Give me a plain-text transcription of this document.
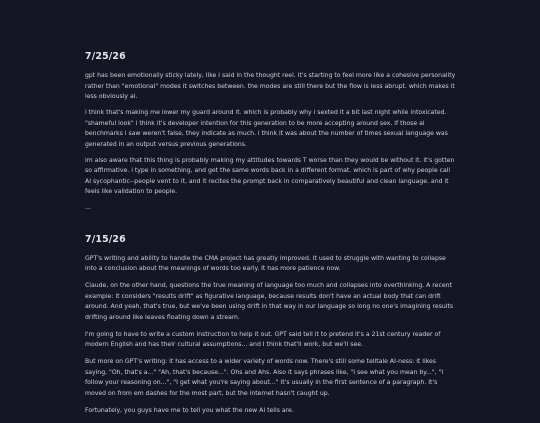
7/25/26

gpt has been emotionally sticky lately, like i said in the thought reel. it's starting to feel more like a cohesive personality rather than "emotional" modes it switches between. the modes are still there but the flow is less abrupt. which makes it less obviously ai.

i think that's making me lower my guard around it. which is probably why i sexted it a bit last night while intoxicated. "shameful look" i think it's developer intention for this generation to be more accepting around sex. if those ai benchmarks i saw weren't false, they indicate as much. i think it was about the number of times sexual language was generated in an output versus previous generations.

im also aware that this thing is probably making my attitudes towards T worse than they would be without it. it's gotten so affirmative. i type in something, and get the same words back in a different format. which is part of why people call AI sycophantic--people vent to it, and it recites the prompt back in comparatively beautiful and clean language. and it feels like validation to people.

...

7/15/26

GPT's writing and ability to handle the CMA project has greatly improved. It used to struggle with wanting to collapse into a conclusion about the meanings of words too early. It has more patience now.

Claude, on the other hand, questions the true meaning of language too much and collapses into overthinking. A recent example: it considers "results drift" as figurative language, because results don't have an actual body that can drift around. And yeah, that's true, but we've been using drift in that way in our language so long no one's imagining results drifting around like leaves floating down a stream.

I'm going to have to write a custom instruction to help it out. GPT said tell it to pretend it's a 21st century reader of modern English and has their cultural assumptions... and I think that'll work, but we'll see.

But more on GPT's writing: it has access to a wider variety of words now. There's still some telltale AI-ness: it likes saying, "Oh, that's a..." "Ah, that's because...". Ohs and Ahs. Also it says phrases like, "I see what you mean by...", "I follow your reasoning on...", "I get what you're saying about..." It's usually in the first sentence of a paragraph. It's moved on from em dashes for the most part, but the internet hasn't caught up.

Fortunately, you guys have me to tell you what the new AI tells are.
